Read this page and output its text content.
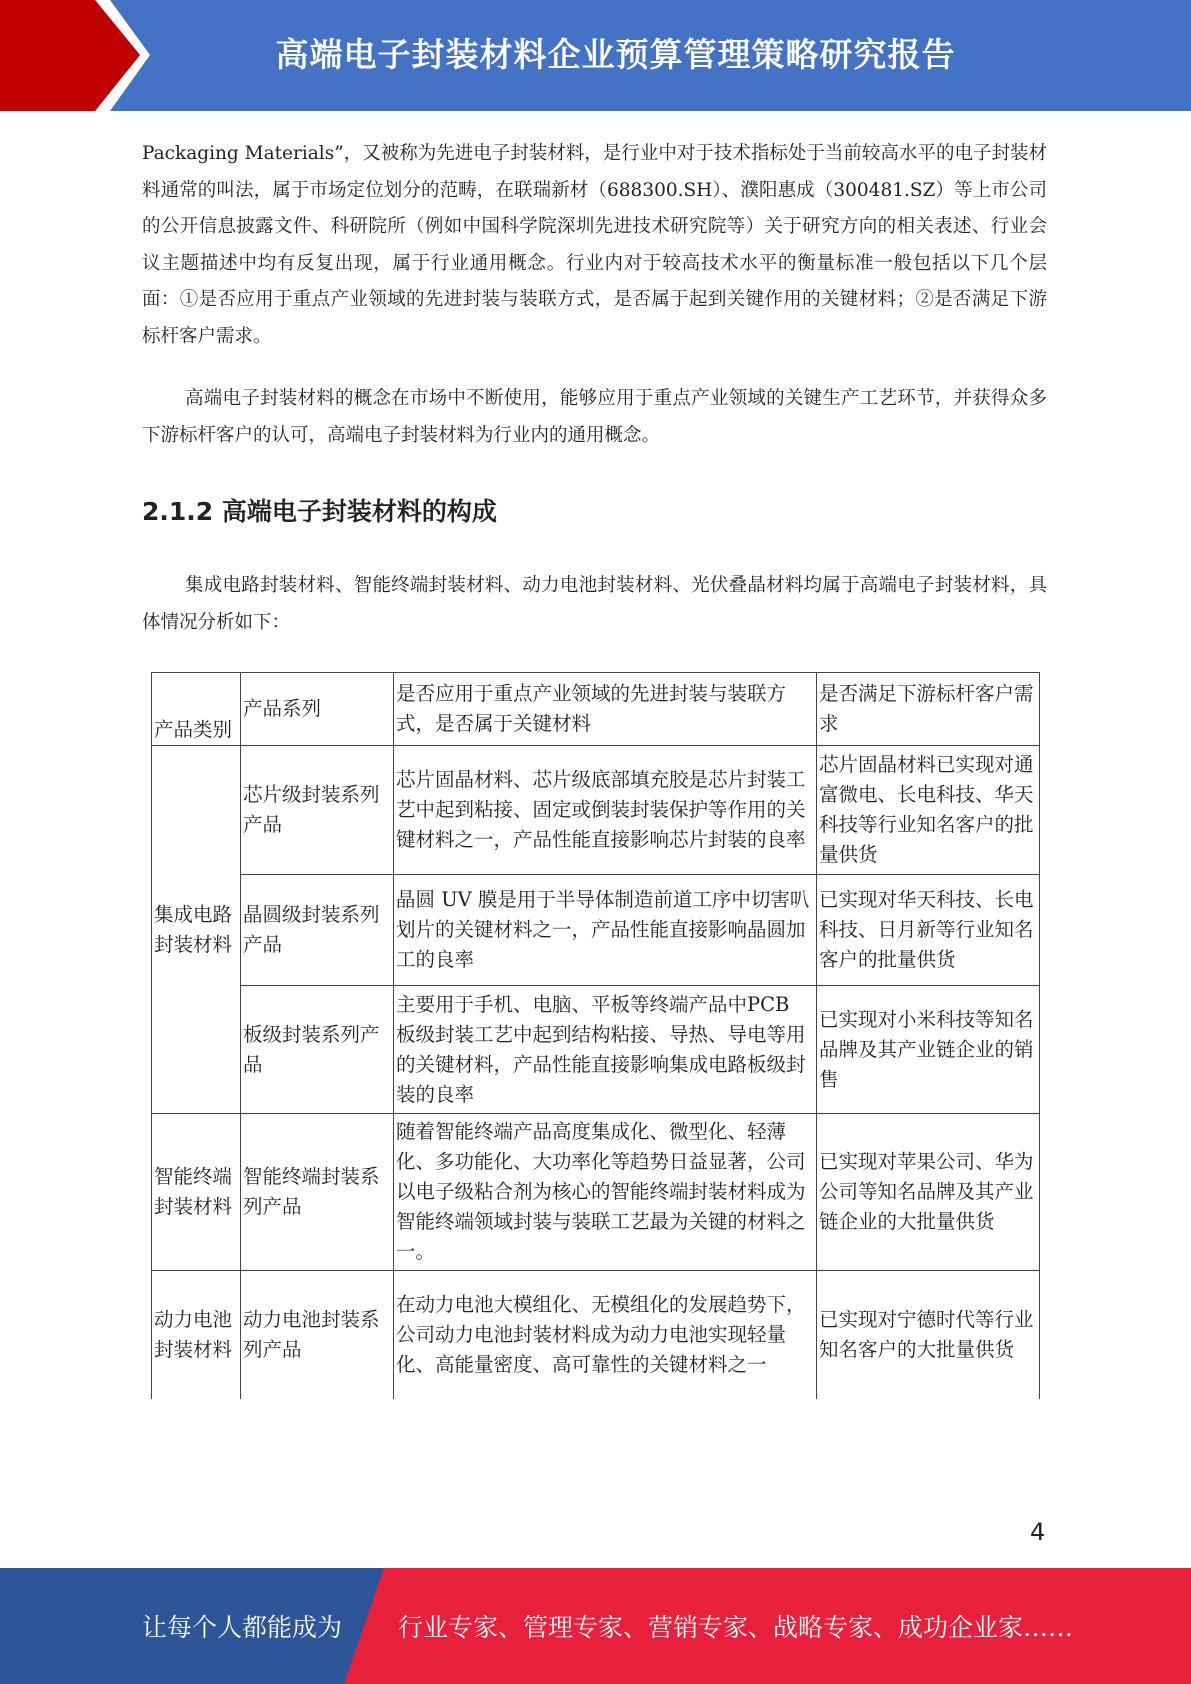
高端电子封装材料企业预算管理策略研究报告

Packaging Materials”，又被称为先进电子封装材料，是行业中对于技术指标处于当前较高水平的电子封装材料通常的叫法，属于市场定位划分的范畴，在联瑞新材（688300.SH）、濮阳惠成（300481.SZ）等上市公司的公开信息披露文件、科研院所（例如中国科学院深圳先进技术研究院等）关于研究方向的相关表述、行业会议主题描述中均有反复出现，属于行业通用概念。行业内对于较高技术水平的衡量标准一般包括以下几个层面：①是否应用于重点产业领域的先进封装与装联方式，是否属于起到关键作用的关键材料；②是否满足下游标杆客户需求。

高端电子封装材料的概念在市场中不断使用，能够应用于重点产业领域的关键生产工艺环节，并获得众多下游标杆客户的认可，高端电子封装材料为行业内的通用概念。

2.1.2 高端电子封装材料的构成

集成电路封装材料、智能终端封装材料、动力电池封装材料、光伏叠晶材料均属于高端电子封装材料，具体情况分析如下：

产品类别	产品系列	是否应用于重点产业领域的先进封装与装联方式，是否属于关键材料	是否满足下游标杆客户需求
集成电路封装材料	芯片级封装系列产品	芯片固晶材料、芯片级底部填充胶是芯片封装工艺中起到粘接、固定或倒装封装保护等作用的关键材料之一，产品性能直接影响芯片封装的良率	芯片固晶材料已实现对通富微电、长电科技、华天科技等行业知名客户的批量供货
	晶圆级封装系列产品	晶圆 UV 膜是用于半导体制造前道工序中切害叭划片的关键材料之一，产品性能直接影响晶圆加工的良率	已实现对华天科技、长电科技、日月新等行业知名客户的批量供货
	板级封装系列产品	主要用于手机、电脑、平板等终端产品中PCB 板级封装工艺中起到结构粘接、导热、导电等用的关键材料，产品性能直接影响集成电路板级封装的良率	已实现对小米科技等知名品牌及其产业链企业的销售
智能终端封装材料	智能终端封装系列产品	随着智能终端产品高度集成化、微型化、轻薄化、多功能化、大功率化等趋势日益显著，公司以电子级粘合剂为核心的智能终端封装材料成为智能终端领域封装与装联工艺最为关键的材料之一。	已实现对苹果公司、华为公司等知名品牌及其产业链企业的大批量供货
动力电池封装材料	动力电池封装系列产品	在动力电池大模组化、无模组化的发展趋势下，公司动力电池封装材料成为动力电池实现轻量化、高能量密度、高可靠性的关键材料之一	已实现对宁德时代等行业知名客户的大批量供货
4
让每个人都能成为 行业专家、管理专家、营销专家、战略专家、成功企业家……
